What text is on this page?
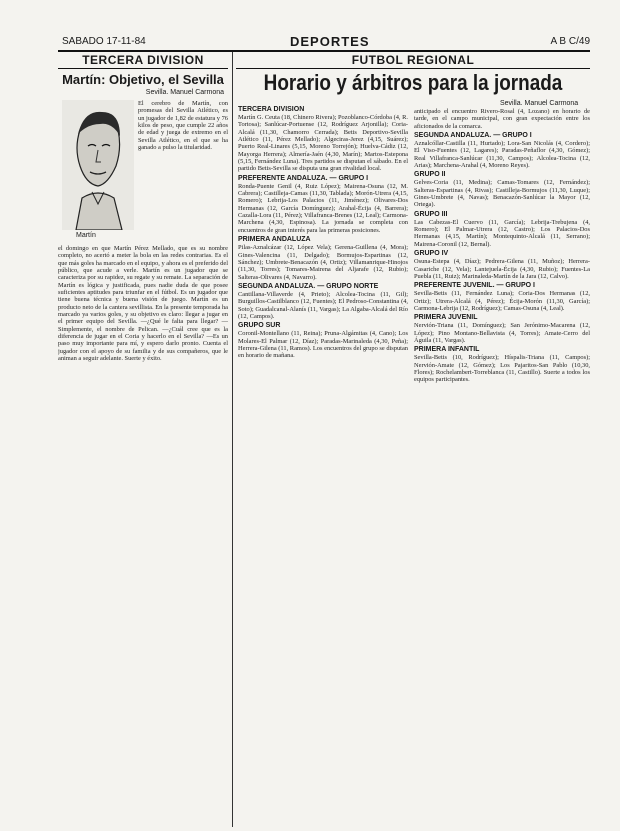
SABADO 17-11-84	DEPORTES	A B C/49
TERCERA DIVISION
Martín: Objetivo, el Sevilla
Sevilla. Manuel Carmona
Martín
El cerebro de Martín, con promesas del Sevilla Atlético, es un jugador de 1,82 de estatura y 76 kilos de peso, que cumple 22 años de edad y juega de extremo en el Sevilla Atlético, en el que se ha ganado a pulso la titularidad.
el domingo en que Martín Pérez Mellado, que es su nombre completo, no acertó a meter la bola en las redes contrarias. Es el que más goles ha marcado en el equipo, y ahora es el preferido del público, que acude a verle. Martín es un jugador que se caracteriza por su rapidez, su regate y su remate. La separación de Martín es lógica y justificada, pues nadie duda de que posee suficientes aptitudes para triunfar en el fútbol. Es un jugador que tiene buena técnica y buena visión de juego. Martín es un producto neto de la cantera sevillista. En la presente temporada ha marcado ya varios goles, y su objetivo es claro: llegar a jugar en el primer equipo del Sevilla. —¿Qué le falta para llegar? —Simplemente, el nombre de Pelican. —¿Cuál cree que es la diferencia de jugar en el Coria y hacerlo en el Sevilla? —Es un paso muy importante para mí, y espero darlo pronto. Cuenta el jugador con el apoyo de su familia y de sus compañeros, que le animan a seguir adelante. Suerte y éxito.
FUTBOL REGIONAL
Horario y árbitros para la jornada
Sevilla. Manuel Carmona
TERCERA DIVISION
Martín G. Ceuta (18, Chinero Rivera); Pozoblanco-Córdoba (4, R. Tortosa); Sanlúcar-Portuense (12, Rodríguez Arjonilla); Coria-Alcalá (11,30, Chamorro Cerrada); Betis Deportivo-Sevilla Atlético (11, Pérez Mellado); Algeciras-Jerez (4,15, Suárez); Puerto Real-Linares (5,15, Moreno Torrejón); Huelva-Cádiz (12, Mayorga Herrera); Almería-Jaén (4,30, Marín); Martos-Estepona (5,15, Fernández Luna). Tres partidos se disputan el sábado. En el partido Betis-Sevilla se disputa una gran rivalidad local.
PREFERENTE ANDALUZA. — GRUPO I
Ronda-Puente Genil (4, Ruiz López); Mairena-Osuna (12, M. Cabrera); Castilleja-Camas (11,30, Tablada); Morón-Utrera (4,15, Romero); Lebrija-Los Palacios (11, Jiménez); Olivares-Dos Hermanas (12, García Domínguez); Arahal-Écija (4, Barrera); Cazalla-Lora (11, Pérez); Villafranca-Brenes (12, Leal); Carmona-Marchena (4,30, Espinosa). La jornada se completa con encuentros de gran interés para las primeras posiciones.
PRIMERA ANDALUZA
Pilas-Aznalcázar (12, López Vela); Gerena-Guillena (4, Mora); Gines-Valencina (11, Delgado); Bormujos-Espartinas (12, Sánchez); Umbrete-Benacazón (4, Ortiz); Villamanrique-Hinojos (11,30, Torres); Tomares-Mairena del Aljarafe (12, Rubio); Salteras-Olivares (4, Navarro).
SEGUNDA ANDALUZA. — GRUPO NORTE
Cantillana-Villaverde (4, Prieto); Alcolea-Tocina (11, Gil); Burguillos-Castilblanco (12, Fuentes); El Pedroso-Constantina (4, Soto); Guadalcanal-Alanís (11, Vargas); La Algaba-Alcalá del Río (12, Campos).
GRUPO SUR
Coronil-Montellano (11, Reina); Pruna-Algámitas (4, Cano); Los Molares-El Palmar (12, Díaz); Paradas-Marinaleda (4,30, Peña); Herrera-Gilena (11, Ramos). Los encuentros del grupo se disputan en horario de mañana.
anticipado el encuentro Rivero-Rosal (4, Lozano) en horario de tarde, en el campo municipal, con gran expectación entre los aficionados de la comarca.
SEGUNDA ANDALUZA. — GRUPO I
Aznalcóllar-Castilla (11, Hurtado); Lora-San Nicolás (4, Cordero); El Viso-Fuentes (12, Lagares); Paradas-Peñaflor (4,30, Gómez); Real Villafranca-Sanlúcar (11,30, Campos); Alcolea-Tocina (12, Arias); Marchena-Arahal (4, Moreno Reyes).
GRUPO II
Gelves-Coria (11, Medina); Camas-Tomares (12, Fernández); Salteras-Espartinas (4, Rivas); Castilleja-Bormujos (11,30, Luque); Gines-Umbrete (4, Navas); Benacazón-Sanlúcar la Mayor (12, Ortega).
GRUPO III
Las Cabezas-El Cuervo (11, García); Lebrija-Trebujena (4, Romero); El Palmar-Utrera (12, Castro); Los Palacios-Dos Hermanas (4,15, Martín); Montequinto-Alcalá (11, Serrano); Mairena-Coronil (12, Bernal).
GRUPO IV
Osuna-Estepa (4, Díaz); Pedrera-Gilena (11, Muñoz); Herrera-Casariche (12, Vela); Lantejuela-Écija (4,30, Rubio); Fuentes-La Puebla (11, Ruiz); Marinaleda-Martín de la Jara (12, Calvo).
PREFERENTE JUVENIL. — GRUPO I
Sevilla-Betis (11, Fernández Luna); Coria-Dos Hermanas (12, Ortiz); Utrera-Alcalá (4, Pérez); Écija-Morón (11,30, García); Carmona-Lebrija (12, Rodríguez); Camas-Osuna (4, Leal).
PRIMERA JUVENIL
Nervión-Triana (11, Domínguez); San Jerónimo-Macarena (12, López); Pino Montano-Bellavista (4, Torres); Amate-Cerro del Águila (11, Vargas).
PRIMERA INFANTIL
Sevilla-Betis (10, Rodríguez); Híspalis-Triana (11, Campos); Nervión-Amate (12, Gómez); Los Pajaritos-San Pablo (10,30, Flores); Rochelambert-Torreblanca (11, Castillo). Suerte a todos los equipos participantes.
